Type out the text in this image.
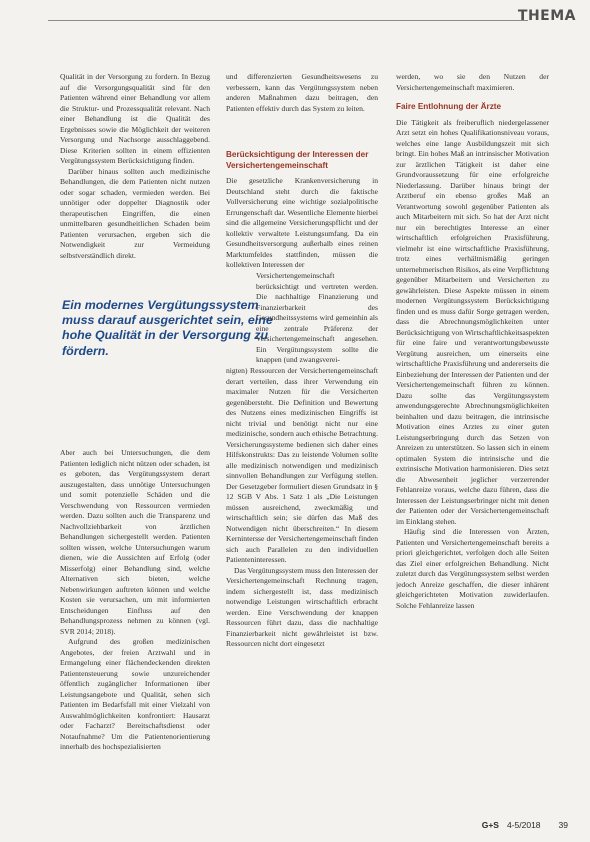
THEMA

Qualität in der Versorgung zu fordern. In Bezug auf die Versorgungsqualität sind für den Patienten während einer Behandlung vor allem die Struktur- und Prozessqualität relevant. Nach einer Behandlung ist die Qualität des Ergebnisses sowie die Möglichkeit der weiteren Versorgung und Nachsorge ausschlaggebend. Diese Kriterien sollten in einem effizienten Vergütungssystem Berücksichtigung finden.

Darüber hinaus sollten auch medizinische Behandlungen, die dem Patienten nicht nutzen oder sogar schaden, vermieden werden. Bei unnötiger oder doppelter Diagnostik oder therapeutischen Eingriffen, die einen unmittelbaren gesundheitlichen Schaden beim Patienten verursachen, ergeben sich die Notwendigkeit zur Vermeidung selbstverständlich direkt.

Aber auch bei Untersuchungen, die dem Patienten lediglich nicht nützen oder schaden, ist es geboten, das Vergütungssystem derart auszugestalten, dass unnötige Untersuchungen und somit potenzielle Schäden und die Verschwendung von Ressourcen vermieden werden. Dazu sollten auch die Transparenz und Nachvollziehbarkeit von ärztlichen Behandlungen sichergestellt werden. Patienten sollten wissen, welche Untersuchungen warum dienen, wie die Aussichten auf Erfolg (oder Misserfolg) einer Behandlung sind, welche Alternativen sich bieten, welche Nebenwirkungen auftreten können und welche Kosten sie verursachen, um mit informierten Entscheidungen Einfluss auf den Behandlungsprozess nehmen zu können (vgl. SVR 2014; 2018).

Aufgrund des großen medizinischen Angebotes, der freien Arztwahl und in Ermangelung einer flächendeckenden direkten Patientensteuerung sowie unzureichender öffentlich zugänglicher Informationen über Leistungsangebote und Qualität, sehen sich Patienten im Bedarfsfall mit einer Vielzahl von Auswahlmöglichkeiten konfrontiert: Hausarzt oder Facharzt? Bereitschaftsdienst oder Notaufnahme? Um die Patientenorientierung innerhalb des hochspezialisierten

Ein modernes Vergütungssystem muss darauf ausgerichtet sein, eine hohe Qualität in der Versorgung zu fördern.

und differenzierten Gesundheitswesens zu verbessern, kann das Vergütungssystem neben anderen Maßnahmen dazu beitragen, den Patienten effektiv durch das System zu leiten.

Berücksichtigung der Interessen der Versichertengemeinschaft

Die gesetzliche Krankenversicherung in Deutschland steht durch die faktische Vollversicherung eine wichtige sozialpolitische Errungenschaft dar. Wesentliche Elemente hierbei sind die allgemeine Versicherungspflicht und der kollektiv verwaltete Leistungsumfang. Da ein Gesundheitsversorgung außerhalb eines reinen Marktumfeldes stattfinden, müssen die kollektiven Interessen der

Versichertengemeinschaft berücksichtigt und vertreten werden. Die nachhaltige Finanzierung und Finanzierbarkeit des Gesundheitssystems wird gemeinhin als eine zentrale Präferenz der Versichertengemeinschaft angesehen. Ein Vergütungssystem sollte die knappen (und zwangsverei-

nigten) Ressourcen der Versichertengemeinschaft derart verteilen, dass ihrer Verwendung ein maximaler Nutzen für die Versicherten gegenübersteht. Die Definition und Bewertung des Nutzens eines medizinischen Eingriffs ist nicht trivial und benötigt nicht nur eine medizinische, sondern auch ethische Betrachtung. Versicherungssysteme bedienen sich daher eines Hilfskonstrukts: Das zu leistende Volumen sollte alle medizinisch notwendigen und medizinisch sinnvollen Behandlungen zur Verfügung stellen. Der Gesetzgeber formuliert diesen Grundsatz in § 12 SGB V Abs. 1 Satz 1 als „Die Leistungen müssen ausreichend, zweckmäßig und wirtschaftlich sein; sie dürfen das Maß des Notwendigen nicht überschreiten.“ In diesem Kernintersse der Versichertengemeinschaft finden sich auch Parallelen zu den individuellen Patienteninteressen.

Das Vergütungssystem muss den Interessen der Versichertengemeinschaft Rechnung tragen, indem sichergestellt ist, dass medizinisch notwendige Leistungen wirtschaftlich erbracht werden. Eine Verschwendung der knappen Ressourcen führt dazu, dass die nachhaltige Finanzierbarkeit nicht gewährleistet ist bzw. Ressourcen nicht dort eingesetzt

werden, wo sie den Nutzen der Versichertengemeinschaft maximieren.

Faire Entlohnung der Ärzte

Die Tätigkeit als freiberuflich niedergelassener Arzt setzt ein hohes Qualifikationsniveau voraus, welches eine lange Ausbildungszeit mit sich bringt. Ein hohes Maß an intrinsischer Motivation zur ärztlichen Tätigkeit ist daher eine Grundvoraussetzung für eine erfolgreiche Niederlassung. Darüber hinaus bringt der Arztberuf ein ebenso großes Maß an Verantwortung sowohl gegenüber Patienten als auch Mitarbeitern mit sich. So hat der Arzt nicht nur ein berechtigtes Interesse an einer wirtschaftlich erfolgreichen Praxisführung, vielmehr ist eine wirtschaftliche Praxisführung, trotz eines verhältnismäßig geringen unternehmerischen Risikos, als eine Verpflichtung gegenüber Mitarbeitern und Versicherten zu gewährleisten. Diese Aspekte müssen in einem modernen Vergütungssystem Berücksichtigung finden und es muss dafür Sorge getragen werden, dass die Abrechnungsmöglichkeiten unter Berücksichtigung von Wirtschaftlichkeitsaspekten für eine faire und verantwortungsbewusste Vergütung ausreichen, um einerseits eine wirtschaftliche Praxisführung und andererseits die Einbeziehung der Interessen der Patienten und der Versichertengemeinschaft führen zu können. Dazu sollte das Vergütungssystem anwendungsgerechte Abrechnungsmöglichkeiten beinhalten und dazu beitragen, die intrinsische Motivation eines Arztes zu einer guten Leistungserbringung durch das Setzen von Anreizen zu unterstützen. So lassen sich in einem optimalen System die intrinsische und die extrinsische Motivation harmonisieren. Dies setzt die Abwesenheit jeglicher verzerrender Fehlanreize voraus, welche dazu führen, dass die Interessen der Leistungserbringer nicht mit denen der Patienten oder der Versichertengemeinschaft im Einklang stehen.

Häufig sind die Interessen von Ärzten, Patienten und Versichertengemeinschaft bereits a priori gleichgerichtet, verfolgen doch alle Seiten das Ziel einer erfolgreichen Behandlung. Nicht zuletzt durch das Vergütungssystem selbst werden jedoch Anreize geschaffen, die dieser inhärent gleichgerichteten Motivation zuwiderlaufen. Solche Fehlanreize lassen

G+S 4-5/2018 39
